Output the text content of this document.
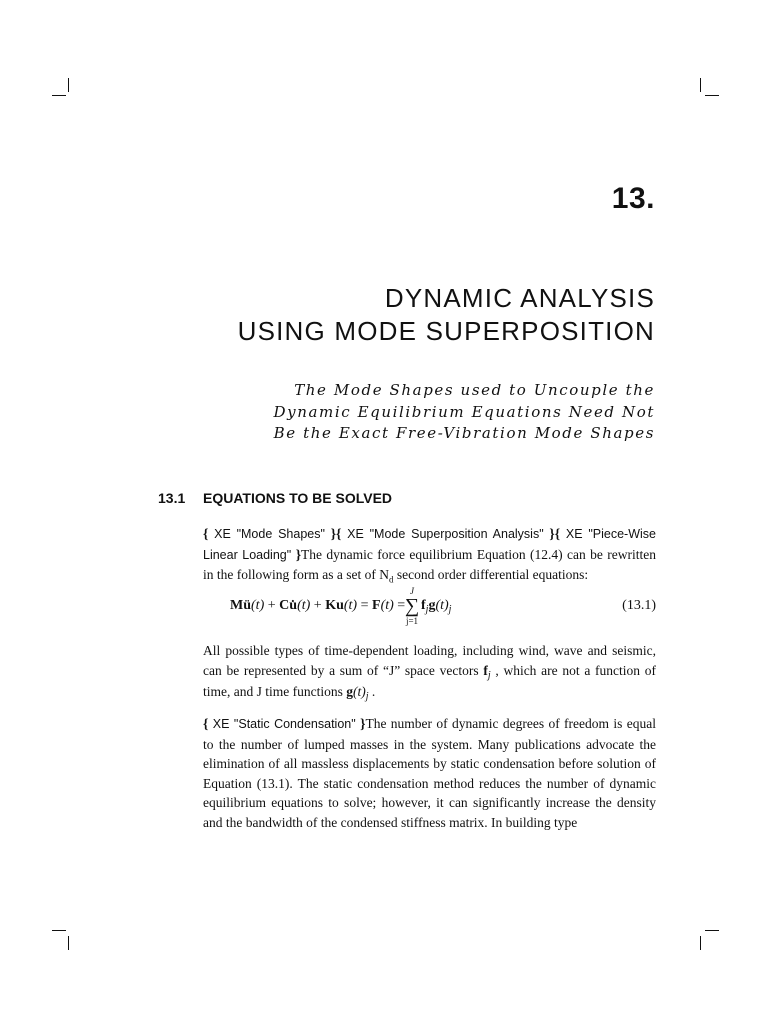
13.
DYNAMIC ANALYSIS
USING MODE SUPERPOSITION
The Mode Shapes used to Uncouple the
Dynamic Equilibrium Equations Need Not
Be the Exact Free-Vibration Mode Shapes
13.1 EQUATIONS TO BE SOLVED
{ XE "Mode Shapes" }{ XE "Mode Superposition Analysis" }{ XE "Piece-Wise Linear Loading" }The dynamic force equilibrium Equation (12.4) can be rewritten in the following form as a set of $N_d$ second order differential equations:
Mü(t) + Cu̇(t) + Ku(t) = F(t) =
J
∑
j=1
$f_jg(t)_j$	(13.1)
All possible types of time-dependent loading, including wind, wave and seismic, can be represented by a sum of “J” space vectors $f_j$ , which are not a function of time, and J time functions $g(t)_j$ .
{ XE "Static Condensation" }The number of dynamic degrees of freedom is equal to the number of lumped masses in the system. Many publications advocate the elimination of all massless displacements by static condensation before solution of Equation (13.1). The static condensation method reduces the number of dynamic equilibrium equations to solve; however, it can significantly increase the density and the bandwidth of the condensed stiffness matrix. In building type
